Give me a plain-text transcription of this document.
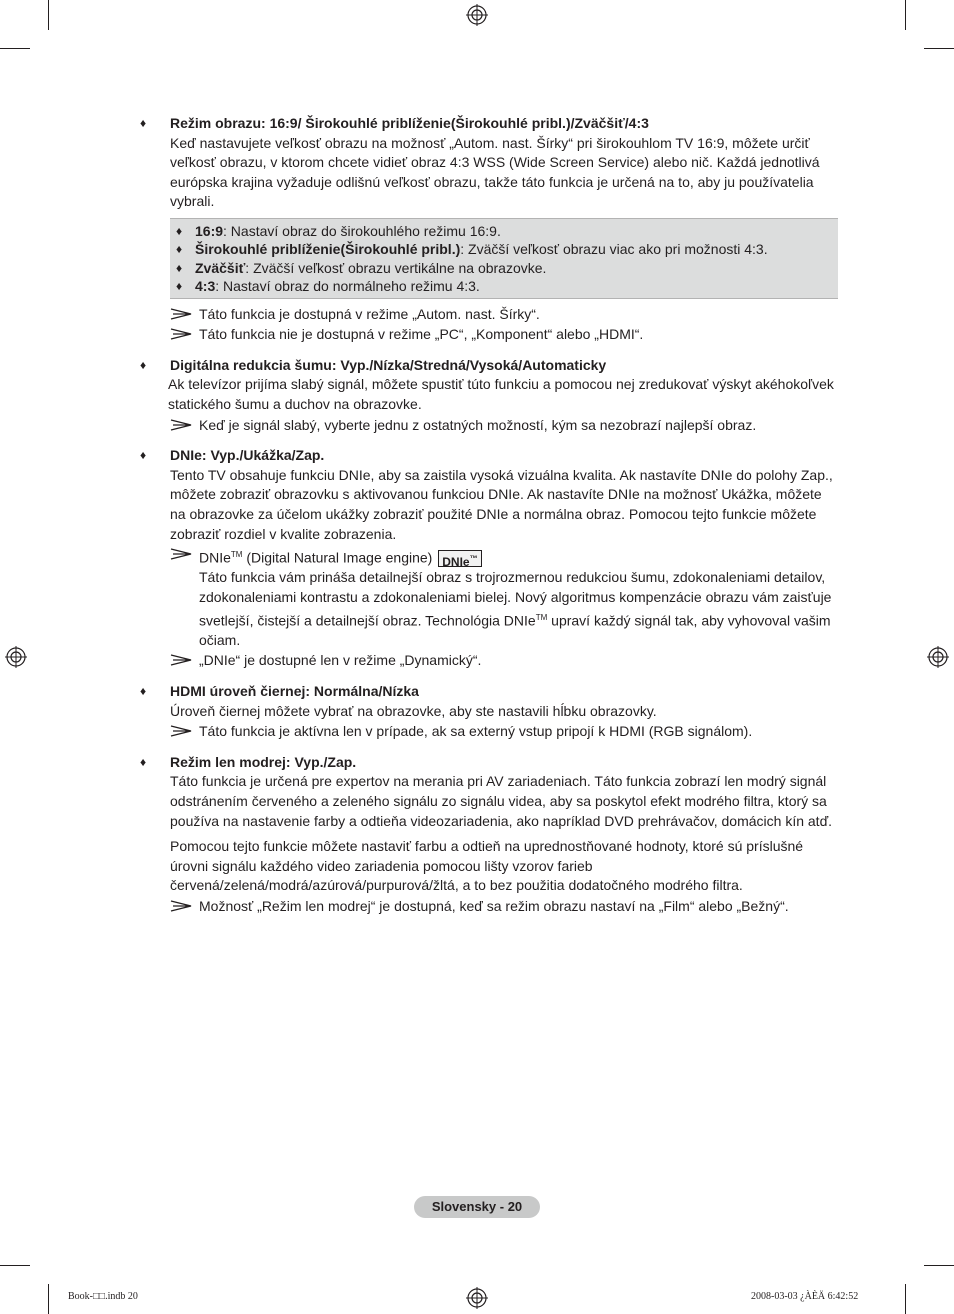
♦ Režim obrazu: 16:9/ Širokouhlé priblíženie(Širokouhlé pribl.)/Zväčšiť/4:3

Keď nastavujete veľkosť obrazu na možnosť „Autom. nast. Šírky“ pri širokouhlom TV 16:9, môžete určiť veľkosť obrazu, v ktorom chcete vidieť obraz 4:3 WSS (Wide Screen Service) alebo nič. Každá jednotlivá európska krajina vyžaduje odlišnú veľkosť obrazu, takže táto funkcia je určená na to, aby ju používatelia vybrali.

♦ 16:9: Nastaví obraz do širokouhlého režimu 16:9.
♦ Širokouhlé priblíženie(Širokouhlé pribl.): Zväčší veľkosť obrazu viac ako pri možnosti 4:3.
♦ Zväčšiť: Zväčší veľkosť obrazu vertikálne na obrazovke.
♦ 4:3: Nastaví obraz do normálneho režimu 4:3.
Táto funkcia je dostupná v režime „Autom. nast. Šírky“.
Táto funkcia nie je dostupná v režime „PC“, „Komponent“ alebo „HDMI“.
♦ Digitálna redukcia šumu: Vyp./Nízka/Stredná/Vysoká/Automaticky

Ak televízor prijíma slabý signál, môžete spustiť túto funkciu a pomocou nej zredukovať výskyt akéhokoľvek statického šumu a duchov na obrazovke.

Keď je signál slabý, vyberte jednu z ostatných možností, kým sa nezobrazí najlepší obraz.
♦ DNIe: Vyp./Ukážka/Zap.

Tento TV obsahuje funkciu DNIe, aby sa zaistila vysoká vizuálna kvalita. Ak nastavíte DNIe do polohy Zap., môžete zobraziť obrazovku s aktivovanou funkciou DNIe. Ak nastavíte DNIe na možnosť Ukážka, môžete na obrazovke za účelom ukážky zobraziť použité DNIe a normálna obraz. Pomocou tejto funkcie môžete zobraziť rozdiel v kvalite zobrazenia.

DNIe™ (Digital Natural Image engine) DNIe™
Táto funkcia vám prináša detailnejší obraz s trojrozmernou redukciou šumu, zdokonaleniami detailov, zdokonaleniami kontrastu a zdokonaleniami bielej. Nový algoritmus kompenzácie obrazu vám zaisťuje svetlejší, čistejší a detailnejší obraz. Technológia DNIe™ upraví každý signál tak, aby vyhovoval vašim očiam.
„DNIe“ je dostupné len v režime „Dynamický“.
♦ HDMI úroveň čiernej: Normálna/Nízka

Úroveň čiernej môžete vybrať na obrazovke, aby ste nastavili hĺbku obrazovky.

Táto funkcia je aktívna len v prípade, ak sa externý vstup pripojí k HDMI (RGB signálom).
♦ Režim len modrej: Vyp./Zap.

Táto funkcia je určená pre expertov na merania pri AV zariadeniach. Táto funkcia zobrazí len modrý signál odstránením červeného a zeleného signálu zo signálu videa, aby sa poskytol efekt modrého filtra, ktorý sa používa na nastavenie farby a odtieňa videozariadenia, ako napríklad DVD prehrávačov, domácich kín atď.

Pomocou tejto funkcie môžete nastaviť farbu a odtieň na uprednostňované hodnoty, ktoré sú príslušné úrovni signálu každého video zariadenia pomocou lišty vzorov farieb červená/zelená/modrá/azúrová/purpurová/žltá, a to bez použitia dodatočného modrého filtra.

Možnosť „Režim len modrej“ je dostupná, keď sa režim obrazu nastaví na „Film“ alebo „Bežný“.
Slovensky - 20
Book-□□.indb 20	2008-03-03 ¿ÀÈÄ 6:42:52
